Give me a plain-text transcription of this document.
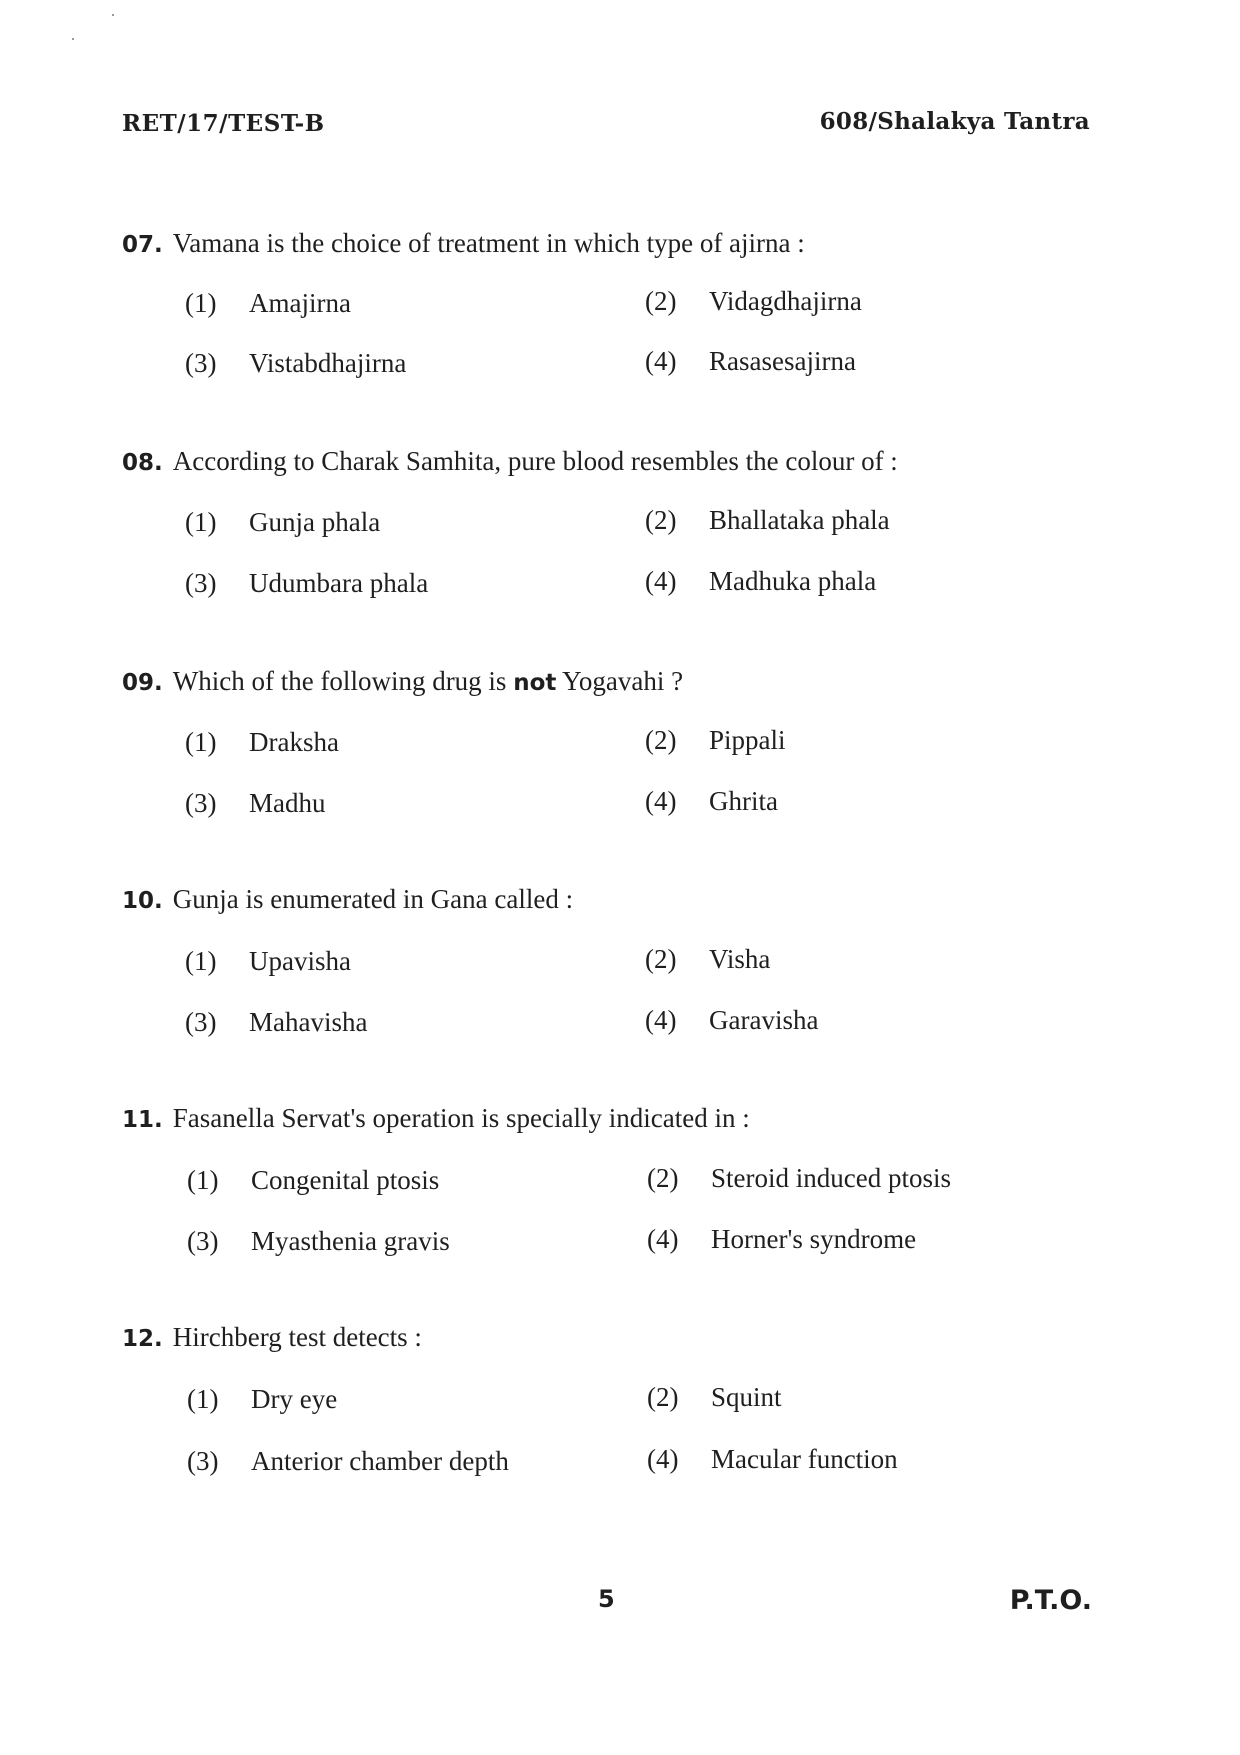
RET/17/TEST-B	608/Shalakya Tantra
07. Vamana is the choice of treatment in which type of ajirna :
(1) Amajirna	(2) Vidagdhajirna
(3) Vistabdhajirna	(4) Rasasesajirna
08. According to Charak Samhita, pure blood resembles the colour of :
(1) Gunja phala	(2) Bhallataka phala
(3) Udumbara phala	(4) Madhuka phala
09. Which of the following drug is not Yogavahi ?
(1) Draksha	(2) Pippali
(3) Madhu	(4) Ghrita
10. Gunja is enumerated in Gana called :
(1) Upavisha	(2) Visha
(3) Mahavisha	(4) Garavisha
11. Fasanella Servat's operation is specially indicated in :
(1) Congenital ptosis	(2) Steroid induced ptosis
(3) Myasthenia gravis	(4) Horner's syndrome
12. Hirchberg test detects :
(1) Dry eye	(2) Squint
(3) Anterior chamber depth	(4) Macular function
5	P.T.O.
